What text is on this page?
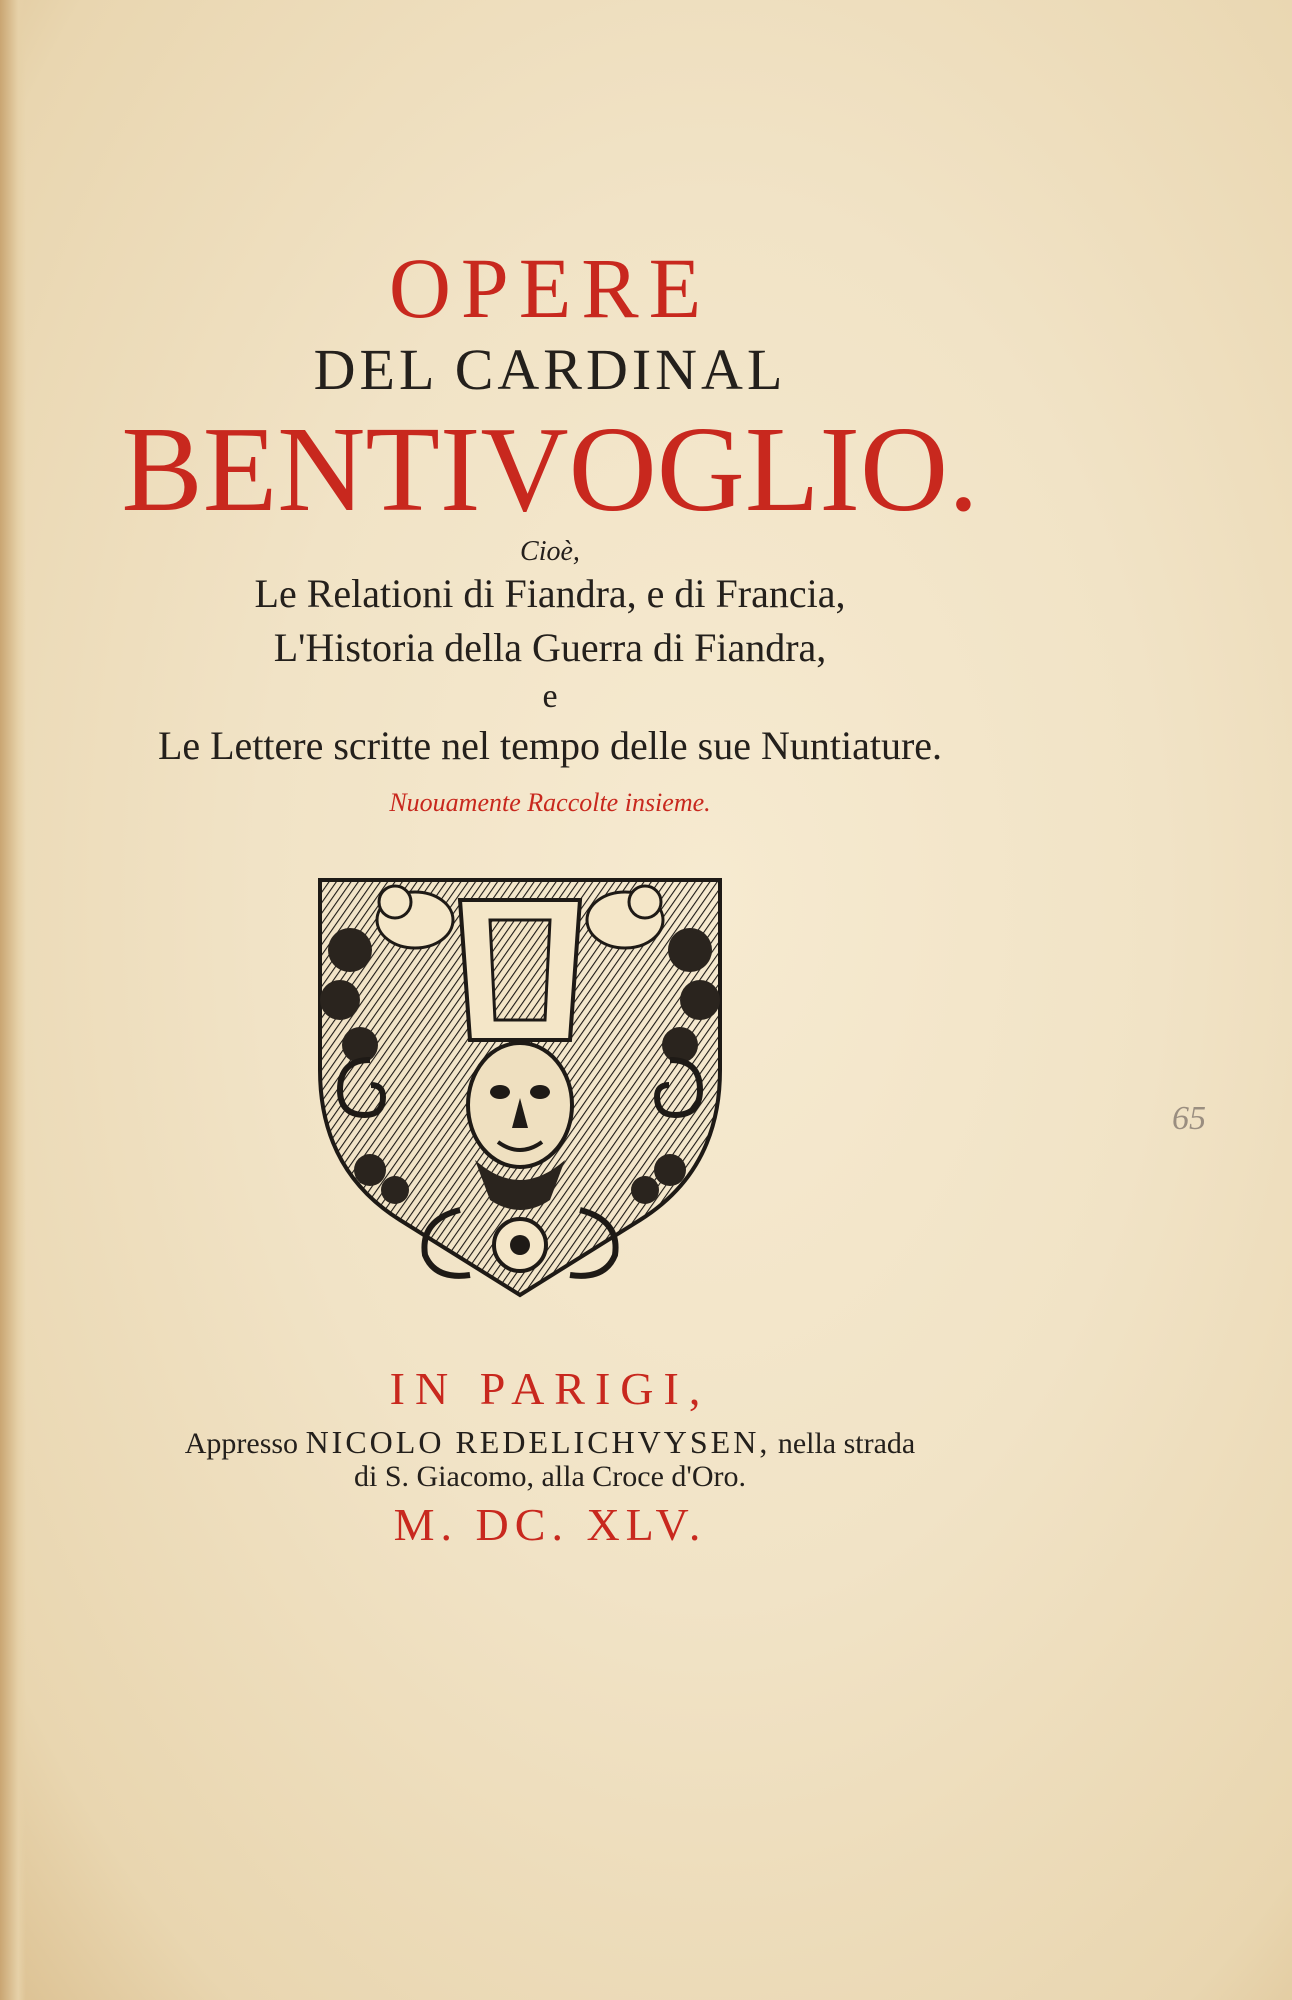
OPERE
DEL CARDINAL
BENTIVOGLIO.
Cioè,
Le Relationi di Fiandra, e di Francia,
L'Historia della Guerra di Fiandra,
e
Le Lettere scritte nel tempo delle sue Nuntiature.
Nuouamente Raccolte insieme.
IN PARIGI,
Appresso NICOLO REDELICHVYSEN, nella strada
di S. Giacomo, alla Croce d'Oro.
M. DC. XLV.
65
